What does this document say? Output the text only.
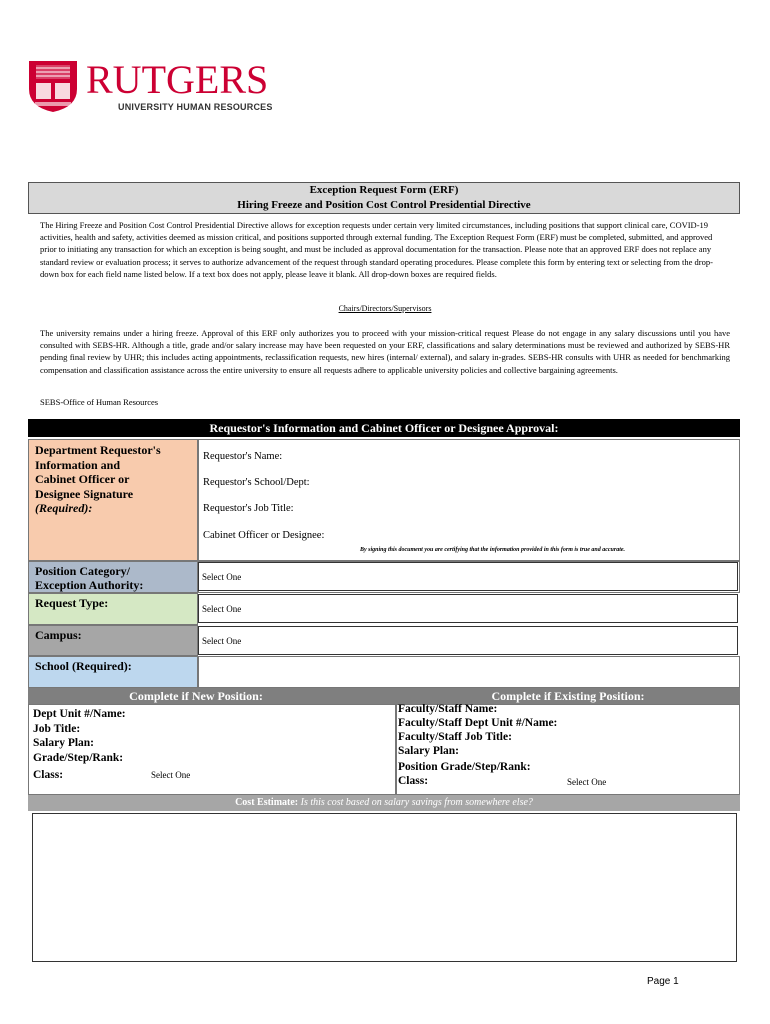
RUTGERS
UNIVERSITY HUMAN RESOURCES
Exception Request Form (ERF)
Hiring Freeze and Position Cost Control Presidential Directive
The Hiring Freeze and Position Cost Control Presidential Directive allows for exception requests under certain very limited circumstances, including positions that support clinical care, COVID-19 activities, health and safety, activities deemed as mission critical, and positions supported through external funding. The Exception Request Form (ERF) must be completed, submitted, and approved prior to initiating any transaction for which an exception is being sought, and must be included as approval documentation for the transaction. Please note that an approved ERF does not replace any standard review or evaluation process; it serves to authorize advancement of the request through standard operating procedures. Please complete this form by entering text or selecting from the drop-down box for each field name listed below. If a text box does not apply, please leave it blank. All drop-down boxes are required fields.
Chairs/Directors/Supervisors
The university remains under a hiring freeze. Approval of this ERF only authorizes you to proceed with your mission-critical request Please do not engage in any salary discussions until you have consulted with SEBS-HR. Although a title, grade and/or salary increase may have been requested on your ERF, classifications and salary determinations must be reviewed and authorized by SEBS-HR pending final review by UHR; this includes acting appointments, reclassification requests, new hires (internal/ external), and salary in-grades. SEBS-HR consults with UHR as needed for benchmarking compensation and classification assistance across the entire university to ensure all requests adhere to applicable university policies and collective bargaining agreements.
SEBS-Office of Human Resources
Requestor's Information and Cabinet Officer or Designee Approval:
Department Requestor's
Information and
Cabinet Officer or
Designee Signature
(Required):
Requestor's Name:
Requestor's School/Dept:
Requestor's Job Title:
Cabinet Officer or Designee:
By signing this document you are certifying that the information provided in this form is true and accurate.
Position Category/
Exception Authority:
Select One
Request Type:	Select One
Campus:	Select One
School (Required):
Complete if New Position:	Complete if Existing Position:
Dept Unit #/Name:
Job Title:
Salary Plan:
Grade/Step/Rank:
Class:	Select One
Faculty/Staff Name:
Faculty/Staff Dept Unit #/Name:
Faculty/Staff Job Title:
Salary Plan:
Position Grade/Step/Rank:
Class:	Select One
Cost Estimate: Is this cost based on salary savings from somewhere else?
Page 1
